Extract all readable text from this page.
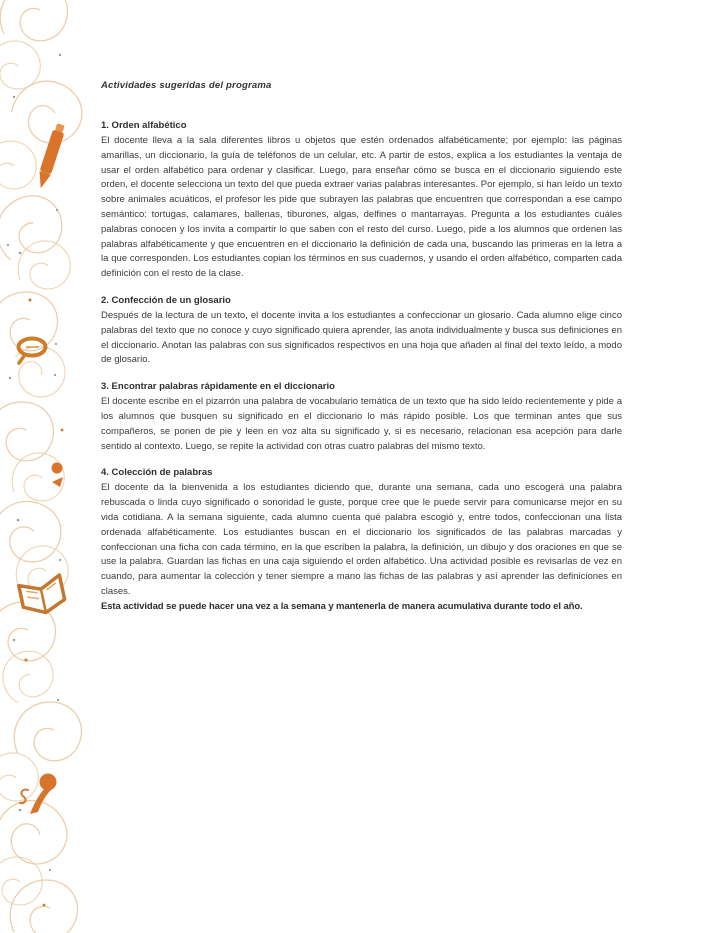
Actividades sugeridas del programa

1. Orden alfabético

El docente lleva a la sala diferentes libros u objetos que estén ordenados alfabéticamente; por ejemplo: las páginas amarillas, un diccionario, la guía de teléfonos de un celular, etc. A partir de estos, explica a los estudiantes la ventaja de usar el orden alfabético para ordenar y clasificar. Luego, para enseñar cómo se busca en el diccionario siguiendo este orden, el docente selecciona un texto del que pueda extraer varias palabras interesantes. Por ejemplo, si han leído un texto sobre animales acuáticos, el profesor les pide que subrayen las palabras que encuentren que correspondan a ese campo semántico: tortugas, calamares, ballenas, tiburones, algas, delfines o mantarrayas. Pregunta a los estudiantes cuáles palabras conocen y los invita a compartir lo que saben con el resto del curso. Luego, pide a los alumnos que ordenen las palabras alfabéticamente y que encuentren en el diccionario la definición de cada una, buscando las primeras en la letra a la que corresponden. Los estudiantes copian los términos en sus cuadernos, y usando el orden alfabético, comparten cada definición con el resto de la clase.

2. Confección de un glosario

Después de la lectura de un texto, el docente invita a los estudiantes a confeccionar un glosario. Cada alumno elige cinco palabras del texto que no conoce y cuyo significado quiera aprender, las anota individualmente y busca sus definiciones en el diccionario. Anotan las palabras con sus significados respectivos en una hoja que añaden al final del texto leído, a modo de glosario.

3. Encontrar palabras rápidamente en el diccionario

El docente escribe en el pizarrón una palabra de vocabulario temática de un texto que ha sido leído recientemente y pide a los alumnos que busquen su significado en el diccionario lo más rápido posible. Los que terminan antes que sus compañeros, se ponen de pie y leen en voz alta su significado y, si es necesario, relacionan esa acepción para darle sentido al contexto. Luego, se repite la actividad con otras cuatro palabras del mismo texto.

4. Colección de palabras

El docente da la bienvenida a los estudiantes diciendo que, durante una semana, cada uno escogerá una palabra rebuscada o linda cuyo significado o sonoridad le guste, porque cree que le puede servir para comunicarse mejor en su vida cotidiana. A la semana siguiente, cada alumno cuenta qué palabra escogió y, entre todos, confeccionan una lista ordenada alfabéticamente. Los estudiantes buscan en el diccionario los significados de las palabras marcadas y confeccionan una ficha con cada término, en la que escriben la palabra, la definición, un dibujo y dos oraciones en que se use la palabra. Guardan las fichas en una caja siguiendo el orden alfabético. Una actividad posible es revisarlas de vez en cuando, para aumentar la colección y tener siempre a mano las fichas de las palabras y así aprender las definiciones en clases.

Esta actividad se puede hacer una vez a la semana y mantenerla de manera acumulativa durante todo el año.
